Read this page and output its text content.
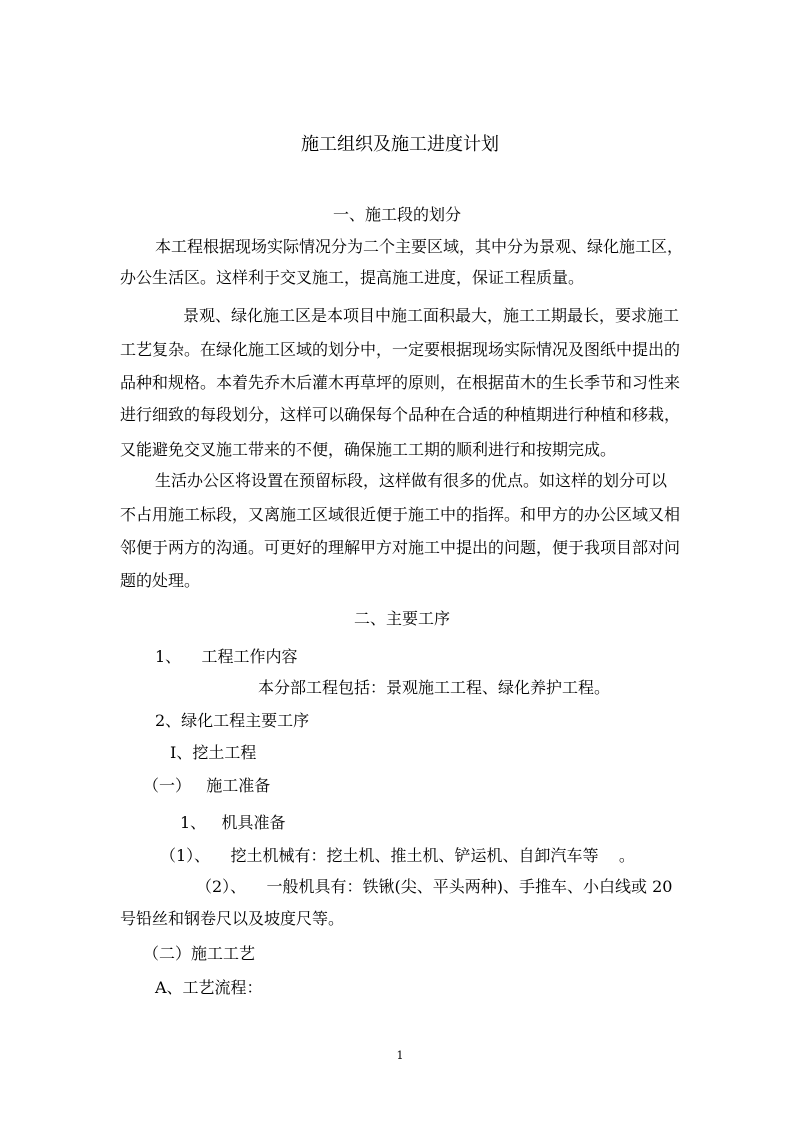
施工组织及施工进度计划
一、施工段的划分
本工程根据现场实际情况分为二个主要区域，其中分为景观、绿化施工区，
办公生活区。这样利于交叉施工，提高施工进度，保证工程质量。
景观、绿化施工区是本项目中施工面积最大，施工工期最长，要求施工
工艺复杂。在绿化施工区域的划分中，一定要根据现场实际情况及图纸中提出的
品种和规格。本着先乔木后灌木再草坪的原则，在根据苗木的生长季节和习性来
进行细致的每段划分，这样可以确保每个品种在合适的种植期进行种植和移栽，
又能避免交叉施工带来的不便，确保施工工期的顺利进行和按期完成。
生活办公区将设置在预留标段，这样做有很多的优点。如这样的划分可以
不占用施工标段，又离施工区域很近便于施工中的指挥。和甲方的办公区域又相
邻便于两方的沟通。可更好的理解甲方对施工中提出的问题，便于我项目部对问
题的处理。
二、主要工序
1、    工程工作内容
本分部工程包括：景观施工工程、绿化养护工程。
2、绿化工程主要工序
Ⅰ、挖土工程
（一）   施工准备
1、   机具准备
（1）、    挖土机械有：挖土机、推土机、铲运机、自卸汽车等    。
（2）、    一般机具有：铁锹(尖、平头两种)、手推车、小白线或 20
号铅丝和钢卷尺以及坡度尺等。
（二）施工工艺
A、工艺流程：
1
